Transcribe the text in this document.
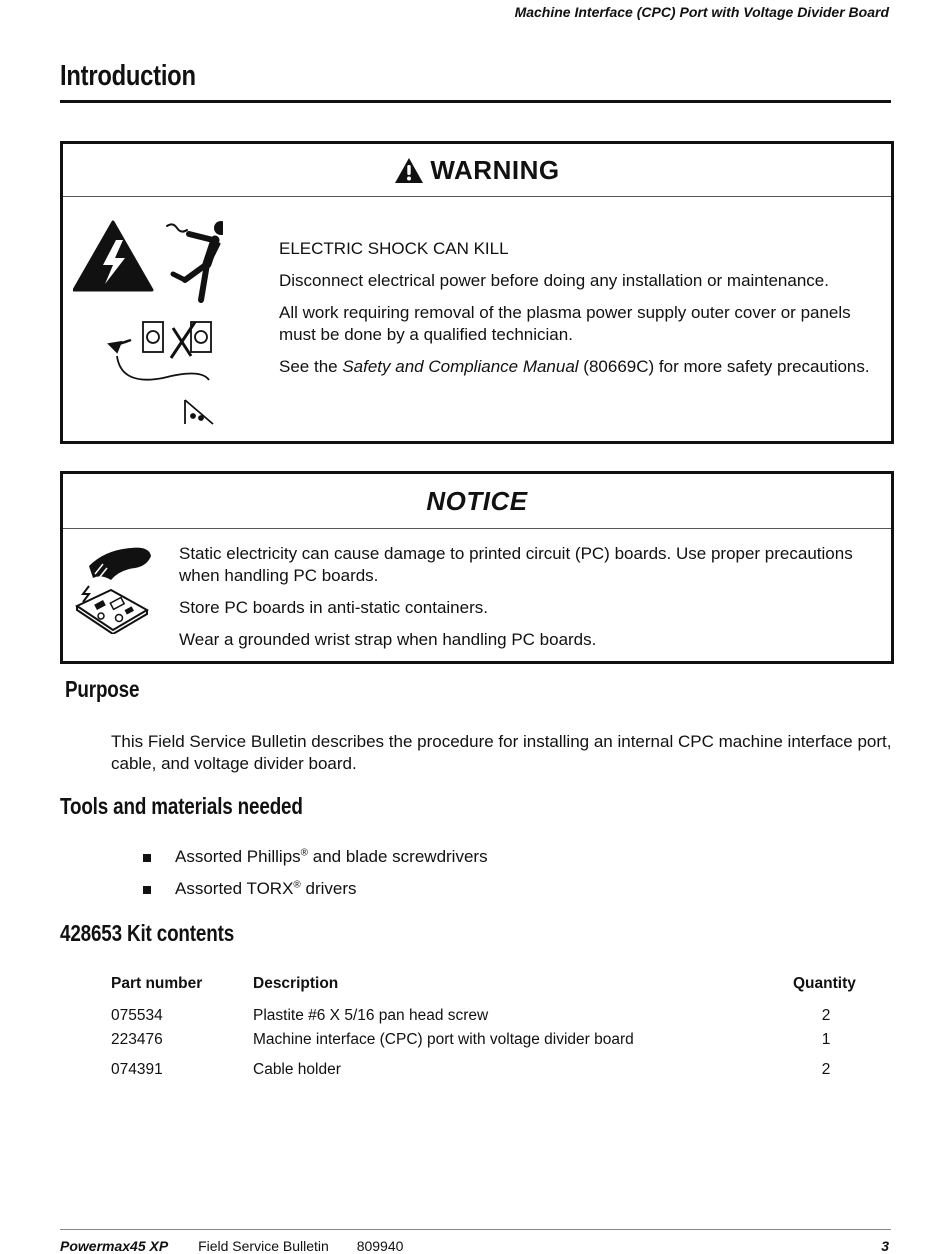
Machine Interface (CPC) Port with Voltage Divider Board
Introduction
WARNING

ELECTRIC SHOCK CAN KILL

Disconnect electrical power before doing any installation or maintenance.

All work requiring removal of the plasma power supply outer cover or panels must be done by a qualified technician.

See the Safety and Compliance Manual (80669C) for more safety precautions.

NOTICE

Static electricity can cause damage to printed circuit (PC) boards. Use proper precautions when handling PC boards.

Store PC boards in anti-static containers.

Wear a grounded wrist strap when handling PC boards.

Purpose
This Field Service Bulletin describes the procedure for installing an internal CPC machine interface port, cable, and voltage divider board.
Tools and materials needed
Assorted Phillips® and blade screwdrivers
Assorted TORX® drivers
428653 Kit contents
Part number	Description	Quantity
075534	Plastite #6 X 5/16 pan head screw	2
223476	Machine interface (CPC) port with voltage divider board	1
074391	Cable holder	2
Powermax45 XP Field Service Bulletin 809940	3
